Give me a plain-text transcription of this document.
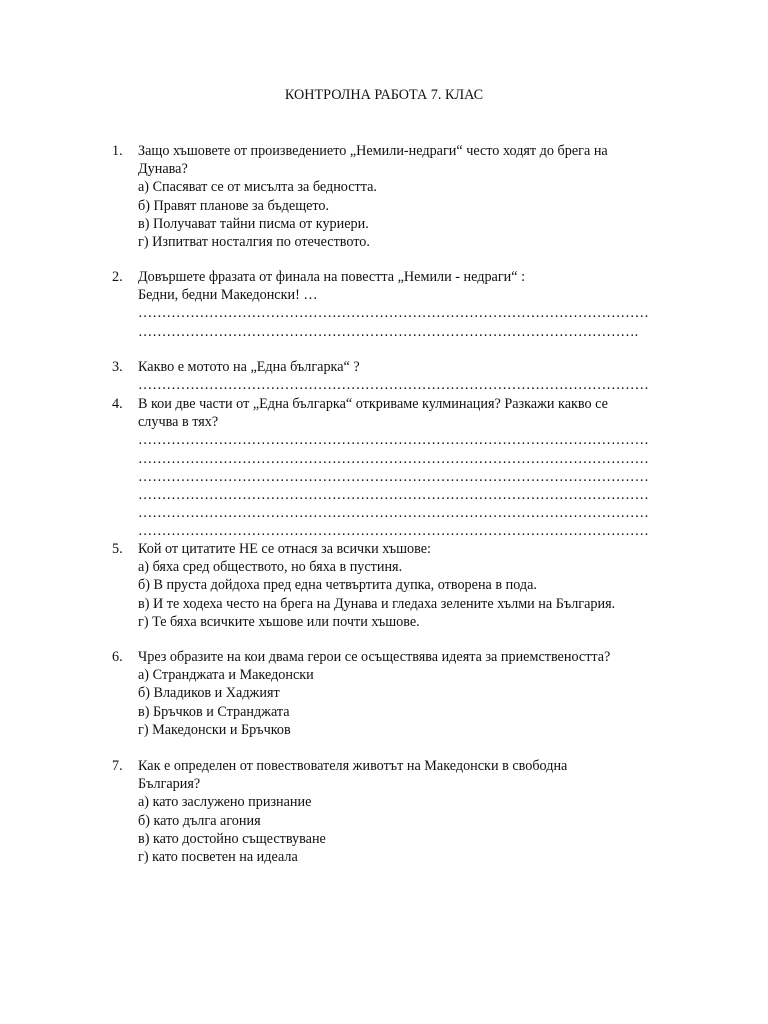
КОНТРОЛНА РАБОТА 7. КЛАС
1. Защо хъшовете от произведението „Немили-недраги“ често ходят до брега на
Дунава?
а) Спасяват се от мисълта за бедността.
б) Правят планове за бъдещето.
в) Получават тайни писма от куриери.
г) Изпитват носталгия по отечеството.
2. Довършете фразата от финала на повестта „Немили - недраги“ :
Бедни, бедни Македонски! …
………………………………………………………………………………………………
…………………………………………………………………………………………….
3. Какво е мотото на „Една българка“ ?
………………………………………………………………………………………………
4. В кои две части от „Една българка“ откриваме кулминация? Разкажи какво се
случва в тях?
………………………………………………………………………………………………
………………………………………………………………………………………………
………………………………………………………………………………………………
………………………………………………………………………………………………
………………………………………………………………………………………………
………………………………………………………………………………………………
5. Кой от цитатите НЕ се отнася за всички хъшове:
а) бяха сред обществото, но бяха в пустиня.
б) В пруста дойдоха пред една четвъртита дупка, отворена в пода.
в) И те ходеха често на брега на Дунава и гледаха зелените хълми на България.
г) Те бяха всичките хъшове или почти хъшове.
6. Чрез образите на кои двама герои се осъществява идеята за приемствеността?
а) Странджата и Македонски
б) Владиков и Хаджият
в) Бръчков и Странджата
г) Македонски и Бръчков
7. Как е определен от повествователя животът на Македонски в свободна
България?
а) като заслужено признание
б) като дълга агония
в) като достойно съществуване
г) като посветен на идеала
